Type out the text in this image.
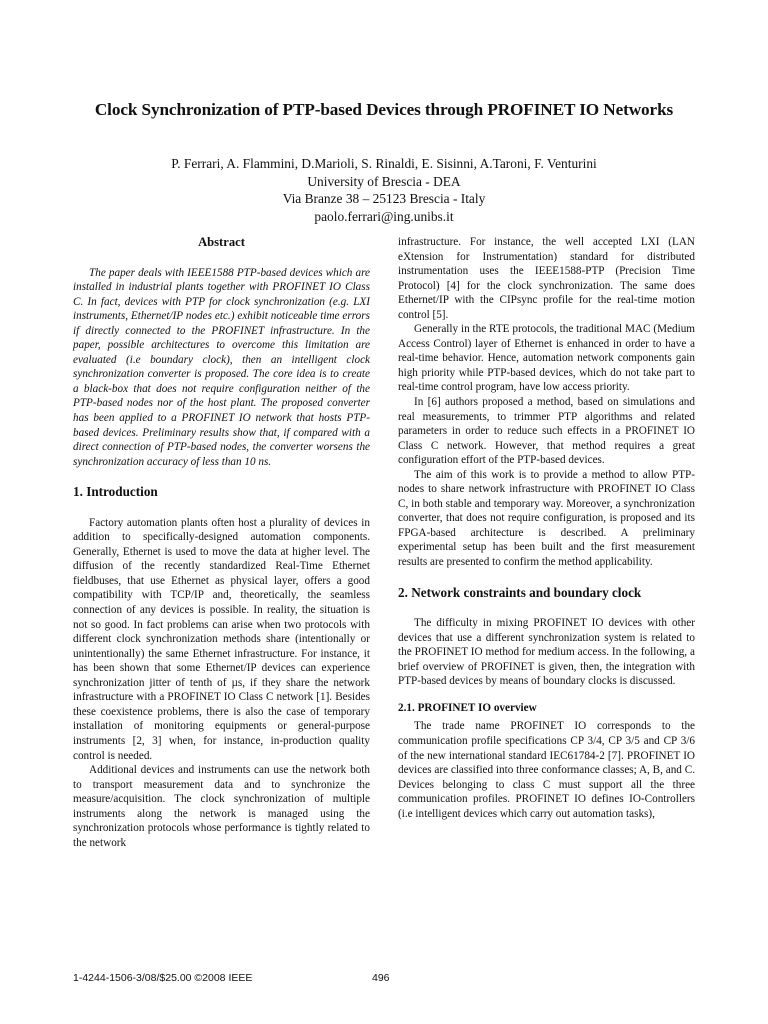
Clock Synchronization of PTP-based Devices through PROFINET IO Networks
P. Ferrari, A. Flammini, D.Marioli, S. Rinaldi, E. Sisinni, A.Taroni, F. Venturini
University of Brescia - DEA
Via Branze 38 – 25123 Brescia - Italy
paolo.ferrari@ing.unibs.it
Abstract

The paper deals with IEEE1588 PTP-based devices which are installed in industrial plants together with PROFINET IO Class C. In fact, devices with PTP for clock synchronization (e.g. LXI instruments, Ethernet/IP nodes etc.) exhibit noticeable time errors if directly connected to the PROFINET infrastructure. In the paper, possible architectures to overcome this limitation are evaluated (i.e boundary clock), then an intelligent clock synchronization converter is proposed. The core idea is to create a black-box that does not require configuration neither of the PTP-based nodes nor of the host plant. The proposed converter has been applied to a PROFINET IO network that hosts PTP-based devices. Preliminary results show that, if compared with a direct connection of PTP-based nodes, the converter worsens the synchronization accuracy of less than 10 ns.

1. Introduction

Factory automation plants often host a plurality of devices in addition to specifically-designed automation components. Generally, Ethernet is used to move the data at higher level. The diffusion of the recently standardized Real-Time Ethernet fieldbuses, that use Ethernet as physical layer, offers a good compatibility with TCP/IP and, theoretically, the seamless connection of any devices is possible. In reality, the situation is not so good. In fact problems can arise when two protocols with different clock synchronization methods share (intentionally or unintentionally) the same Ethernet infrastructure. For instance, it has been shown that some Ethernet/IP devices can experience synchronization jitter of tenth of µs, if they share the network infrastructure with a PROFINET IO Class C network [1]. Besides these coexistence problems, there is also the case of temporary installation of monitoring equipments or general-purpose instruments [2, 3] when, for instance, in-production quality control is needed.

Additional devices and instruments can use the network both to transport measurement data and to synchronize the measure/acquisition. The clock synchronization of multiple instruments along the network is managed using the synchronization protocols whose performance is tightly related to the network

infrastructure. For instance, the well accepted LXI (LAN eXtension for Instrumentation) standard for distributed instrumentation uses the IEEE1588-PTP (Precision Time Protocol) [4] for the clock synchronization. The same does Ethernet/IP with the CIPsync profile for the real-time motion control [5].

Generally in the RTE protocols, the traditional MAC (Medium Access Control) layer of Ethernet is enhanced in order to have a real-time behavior. Hence, automation network components gain high priority while PTP-based devices, which do not take part to real-time control program, have low access priority.

In [6] authors proposed a method, based on simulations and real measurements, to trimmer PTP algorithms and related parameters in order to reduce such effects in a PROFINET IO Class C network. However, that method requires a great configuration effort of the PTP-based devices.

The aim of this work is to provide a method to allow PTP-nodes to share network infrastructure with PROFINET IO Class C, in both stable and temporary way. Moreover, a synchronization converter, that does not require configuration, is proposed and its FPGA-based architecture is described. A preliminary experimental setup has been built and the first measurement results are presented to confirm the method applicability.

2. Network constraints and boundary clock

The difficulty in mixing PROFINET IO devices with other devices that use a different synchronization system is related to the PROFINET IO method for medium access. In the following, a brief overview of PROFINET is given, then, the integration with PTP-based devices by means of boundary clocks is discussed.

2.1. PROFINET IO overview

The trade name PROFINET IO corresponds to the communication profile specifications CP 3/4, CP 3/5 and CP 3/6 of the new international standard IEC61784-2 [7]. PROFINET IO devices are classified into three conformance classes; A, B, and C. Devices belonging to class C must support all the three communication profiles. PROFINET IO defines IO-Controllers (i.e intelligent devices which carry out automation tasks),

1-4244-1506-3/08/$25.00 ©2008 IEEE	496
